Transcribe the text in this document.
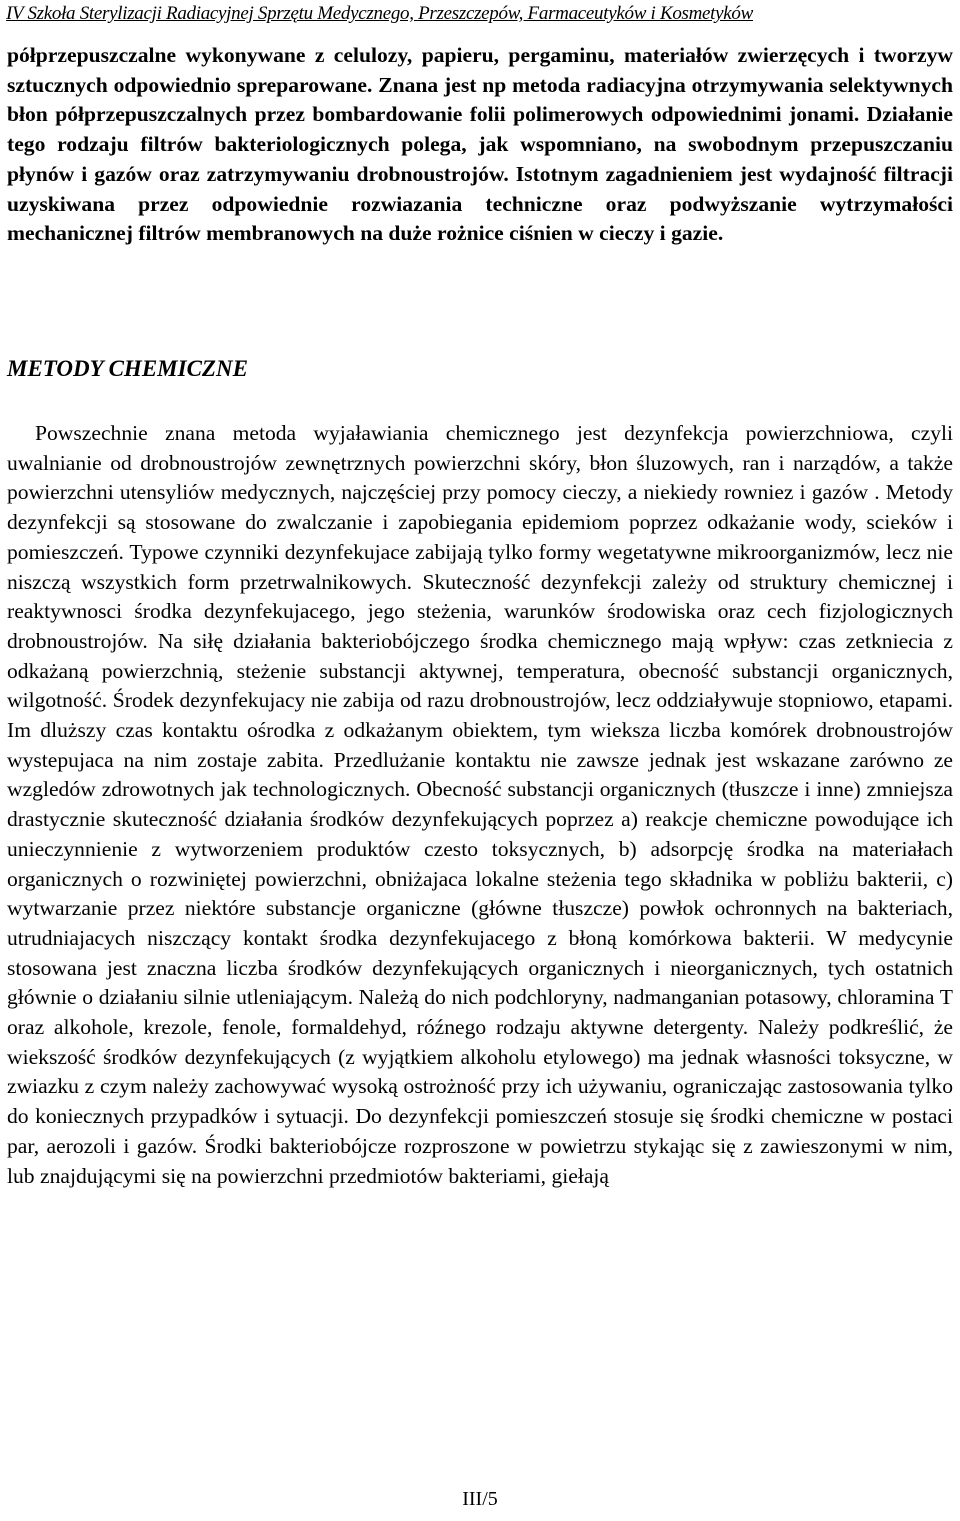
IV Szkoła Sterylizacji Radiacyjnej Sprzętu Medycznego, Przeszczepów, Farmaceutyków i Kosmetyków

półprzepuszczalne wykonywane z celulozy, papieru, pergaminu, materiałów zwierzęcych i tworzyw sztucznych odpowiednio spreparowane. Znana jest np metoda radiacyjna otrzymywania selektywnych błon półprzepuszczalnych przez bombardowanie folii polimerowych odpowiednimi jonami. Działanie tego rodzaju filtrów bakteriologicznych polega, jak wspomniano, na swobodnym przepuszczaniu płynów i gazów oraz zatrzymywaniu drobnoustrojów. Istotnym zagadnieniem jest wydajność filtracji uzyskiwana przez odpowiednie rozwiazania techniczne oraz podwyższanie wytrzymałości mechanicznej filtrów membranowych na duże rożnice ciśnien w cieczy i gazie.

METODY CHEMICZNE

Powszechnie znana metoda wyjaławiania chemicznego jest dezynfekcja powierzchniowa, czyli uwalnianie od drobnoustrojów zewnętrznych powierzchni skóry, błon śluzowych, ran i narządów, a także powierzchni utensyliów medycznych, najczęściej przy pomocy cieczy, a niekiedy rowniez i gazów . Metody dezynfekcji są stosowane do zwalczanie i zapobiegania epidemiom poprzez odkażanie wody, scieków i pomieszczeń. Typowe czynniki dezynfekujace zabijają tylko formy wegetatywne mikroorganizmów, lecz nie niszczą wszystkich form przetrwalnikowych. Skuteczność dezynfekcji zależy od struktury chemicznej i reaktywnosci środka dezynfekujacego, jego steżenia, warunków środowiska oraz cech fizjologicznych drobnoustrojów. Na siłę działania bakteriobójczego środka chemicznego mają wpływ: czas zetkniecia z odkażaną powierzchnią, steżenie substancji aktywnej, temperatura, obecność substancji organicznych, wilgotność. Środek dezynfekujacy nie zabija od razu drobnoustrojów, lecz oddziaływuje stopniowo, etapami. Im dluższy czas kontaktu ośrodka z odkażanym obiektem, tym wieksza liczba komórek drobnoustrojów wystepujaca na nim zostaje zabita. Przedlużanie kontaktu nie zawsze jednak jest wskazane zarówno ze wzgledów zdrowotnych jak technologicznych. Obecność substancji organicznych (tłuszcze i inne) zmniejsza drastycznie skuteczność działania środków dezynfekujących poprzez a) reakcje chemiczne powodujące ich unieczynnienie z wytworzeniem produktów czesto toksycznych, b) adsorpcję środka na materiałach organicznych o rozwiniętej powierzchni, obniżajaca lokalne steżenia tego składnika w pobliżu bakterii, c) wytwarzanie przez niektóre substancje organiczne (główne tłuszcze) powłok ochronnych na bakteriach, utrudniajacych niszczący kontakt środka dezynfekujacego z błoną komórkowa bakterii. W medycynie stosowana jest znaczna liczba środków dezynfekujących organicznych i nieorganicznych, tych ostatnich głównie o działaniu silnie utleniającym. Należą do nich podchloryny, nadmanganian potasowy, chloramina T oraz alkohole, krezole, fenole, formaldehyd, róźnego rodzaju aktywne detergenty. Należy podkreślić, że wiekszość środków dezynfekujących (z wyjątkiem alkoholu etylowego) ma jednak własności toksyczne, w zwiazku z czym należy zachowywać wysoką ostrożność przy ich używaniu, ograniczając zastosowania tylko do koniecznych przypadków i sytuacji. Do dezynfekcji pomieszczeń stosuje się środki chemiczne w postaci par, aerozoli i gazów. Środki bakteriobójcze rozproszone w powietrzu stykając się z zawieszonymi w nim, lub znajdującymi się na powierzchni przedmiotów bakteriami, giełają

III/5
